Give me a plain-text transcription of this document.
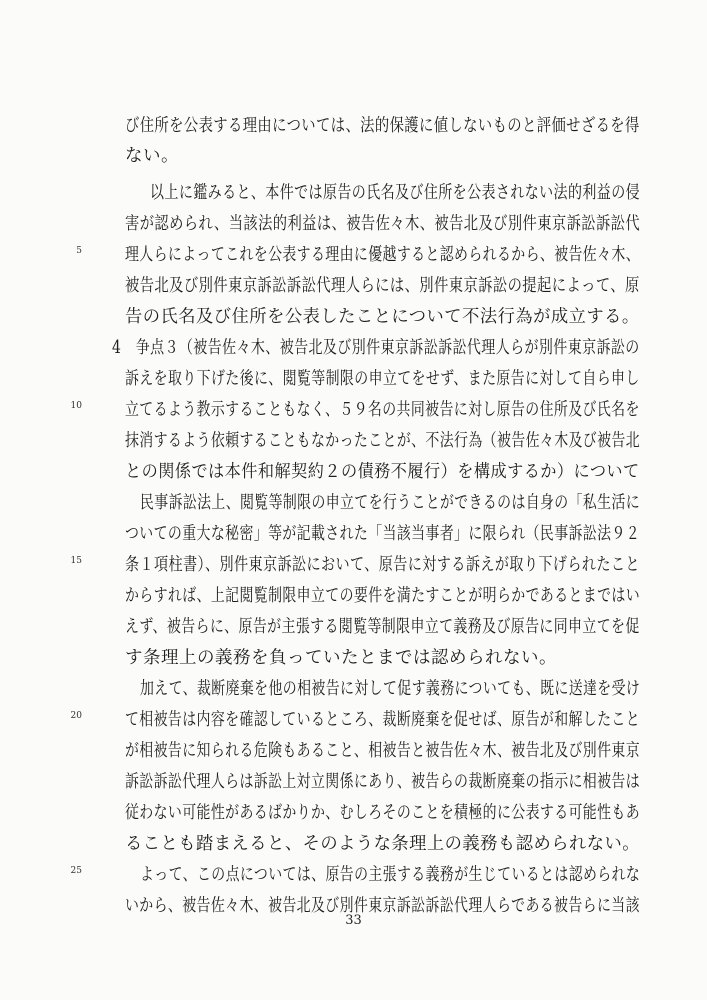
び住所を公表する理由については、法的保護に値しないものと評価せざるを得
ない。
以上に鑑みると、本件では原告の氏名及び住所を公表されない法的利益の侵
害が認められ、当該法的利益は、被告佐々木、被告北及び別件東京訴訟訴訟代
理人らによってこれを公表する理由に優越すると認められるから、被告佐々木、
被告北及び別件東京訴訟訴訟代理人らには、別件東京訴訟の提起によって、原
告の氏名及び住所を公表したことについて不法行為が成立する。
4　争点３（被告佐々木、被告北及び別件東京訴訟訴訟代理人らが別件東京訴訟の
訴えを取り下げた後に、閲覧等制限の申立てをせず、また原告に対して自ら申し
立てるよう教示することもなく、５９名の共同被告に対し原告の住所及び氏名を
抹消するよう依頼することもなかったことが、不法行為（被告佐々木及び被告北
との関係では本件和解契約２の債務不履行）を構成するか）について
民事訴訟法上、閲覧等制限の申立てを行うことができるのは自身の「私生活に
ついての重大な秘密」等が記載された「当該当事者」に限られ（民事訴訟法９２
条１項柱書）、別件東京訴訟において、原告に対する訴えが取り下げられたこと
からすれば、上記閲覧制限申立ての要件を満たすことが明らかであるとまではい
えず、被告らに、原告が主張する閲覧等制限申立て義務及び原告に同申立てを促
す条理上の義務を負っていたとまでは認められない。
加えて、裁断廃棄を他の相被告に対して促す義務についても、既に送達を受け
て相被告は内容を確認しているところ、裁断廃棄を促せば、原告が和解したこと
が相被告に知られる危険もあること、相被告と被告佐々木、被告北及び別件東京
訴訟訴訟代理人らは訴訟上対立関係にあり、被告らの裁断廃棄の指示に相被告は
従わない可能性があるばかりか、むしろそのことを積極的に公表する可能性もあ
ることも踏まえると、そのような条理上の義務も認められない。
よって、この点については、原告の主張する義務が生じているとは認められな
いから、被告佐々木、被告北及び別件東京訴訟訴訟代理人らである被告らに当該
5
10
15
20
25
33
